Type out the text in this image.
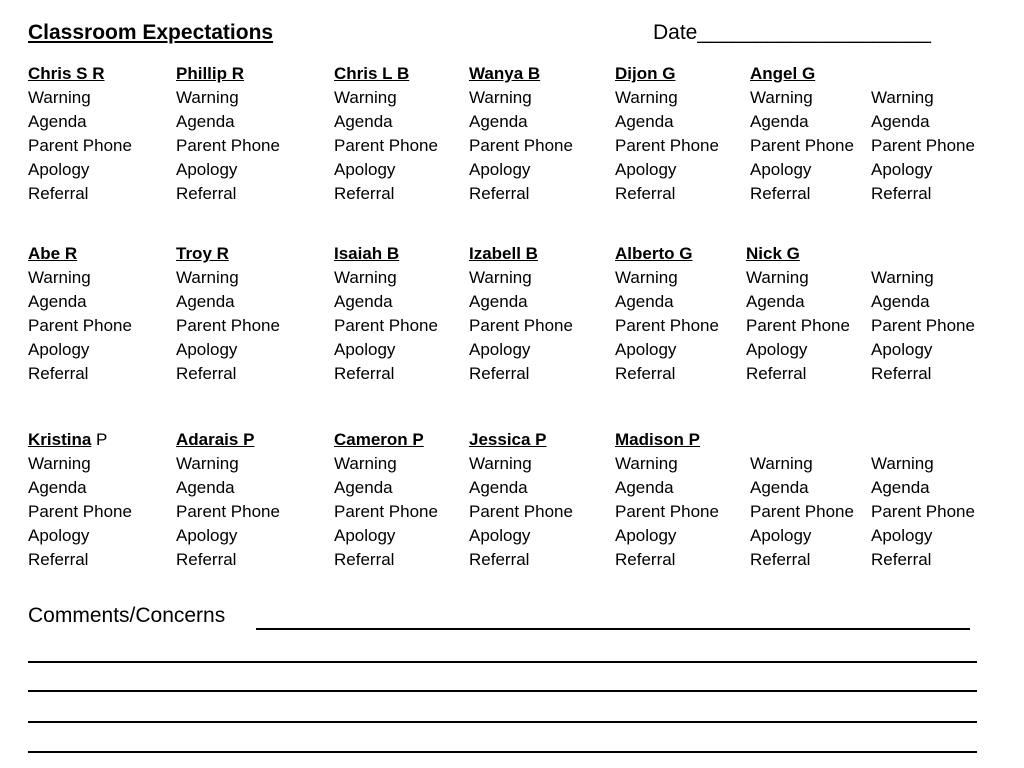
Classroom Expectations	Date____________________
Chris S R
Warning
Agenda
Parent Phone
Apology
Referral
Phillip R
Warning
Agenda
Parent Phone
Apology
Referral
Chris L B
Warning
Agenda
Parent Phone
Apology
Referral
Wanya B
Warning
Agenda
Parent Phone
Apology
Referral
Dijon G
Warning
Agenda
Parent Phone
Apology
Referral
Angel G
Warning
Agenda
Parent Phone
Apology
Referral
Warning
Agenda
Parent Phone
Apology
Referral
Abe R
Warning
Agenda
Parent Phone
Apology
Referral
Troy R
Warning
Agenda
Parent Phone
Apology
Referral
Isaiah B
Warning
Agenda
Parent Phone
Apology
Referral
Izabell B
Warning
Agenda
Parent Phone
Apology
Referral
Alberto G
Warning
Agenda
Parent Phone
Apology
Referral
Nick G
Warning
Agenda
Parent Phone
Apology
Referral
Warning
Agenda
Parent Phone
Apology
Referral
Kristina P
Warning
Agenda
Parent Phone
Apology
Referral
Adarais P
Warning
Agenda
Parent Phone
Apology
Referral
Cameron P
Warning
Agenda
Parent Phone
Apology
Referral
Jessica P
Warning
Agenda
Parent Phone
Apology
Referral
Madison P
Warning
Agenda
Parent Phone
Apology
Referral
Warning
Agenda
Parent Phone
Apology
Referral
Warning
Agenda
Parent Phone
Apology
Referral
Comments/Concerns
